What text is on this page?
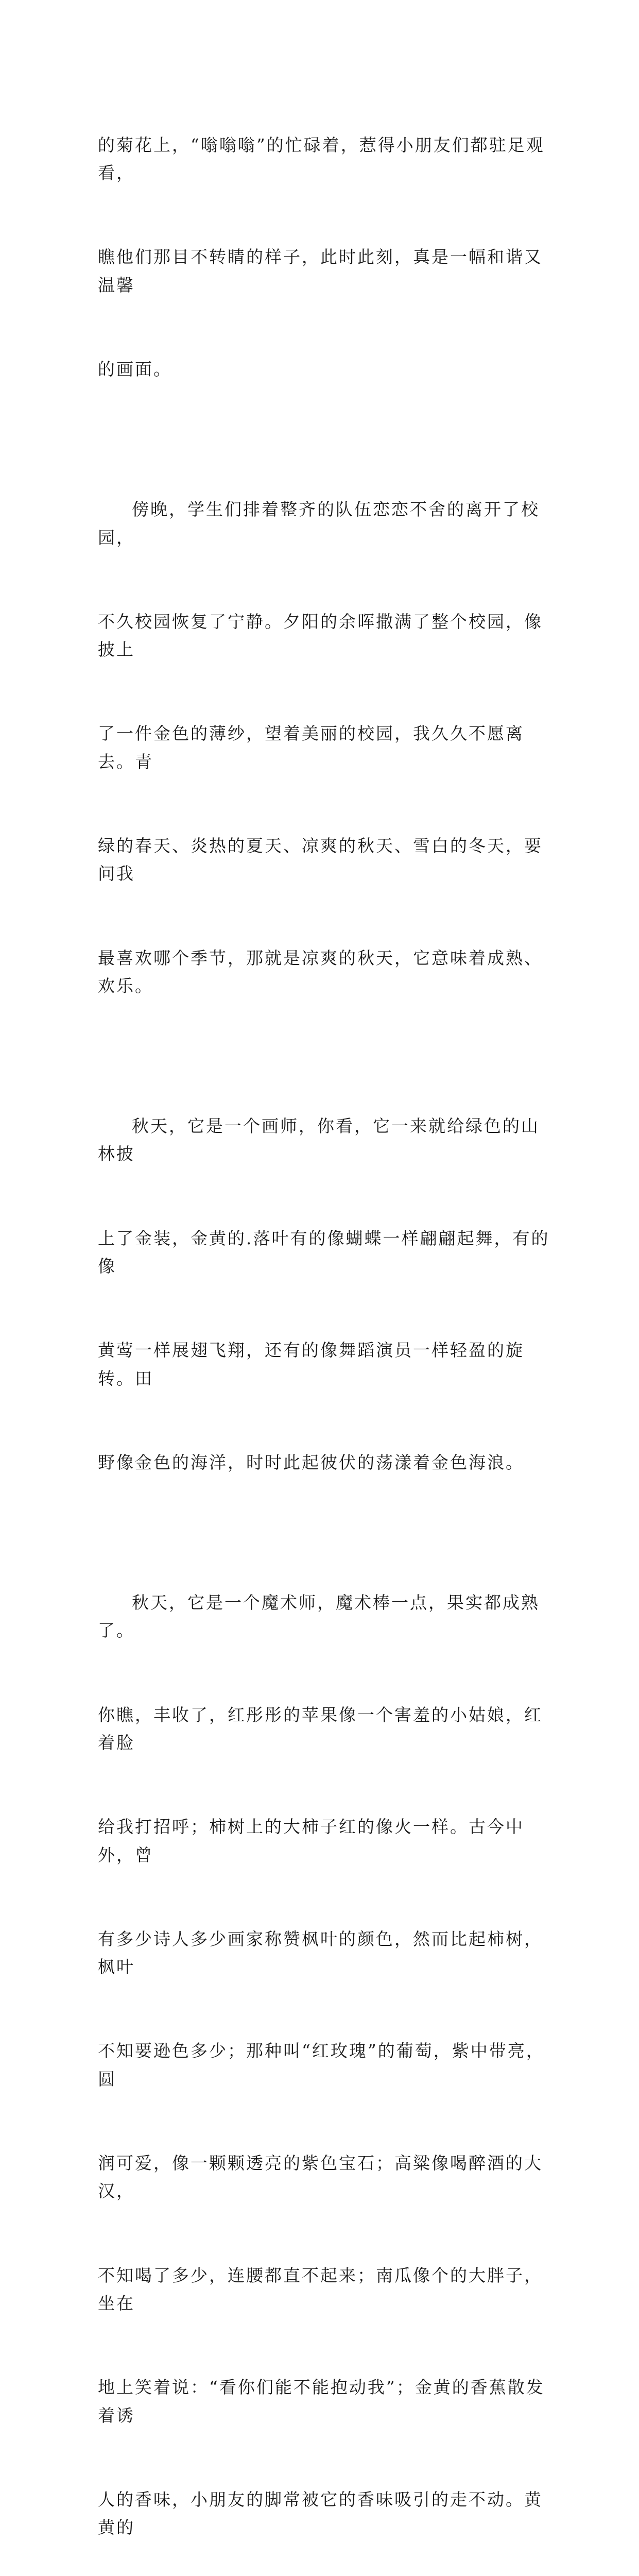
的菊花上，“嗡嗡嗡”的忙碌着，惹得小朋友们都驻足观看，

瞧他们那目不转睛的样子，此时此刻，真是一幅和谐又温馨

的画面。

傍晚，学生们排着整齐的队伍恋恋不舍的离开了校园，

不久校园恢复了宁静。夕阳的余晖撒满了整个校园，像披上

了一件金色的薄纱，望着美丽的校园，我久久不愿离去。青

绿的春天、炎热的夏天、凉爽的秋天、雪白的冬天，要问我

最喜欢哪个季节，那就是凉爽的秋天，它意味着成熟、欢乐。

秋天，它是一个画师，你看，它一来就给绿色的山林披

上了金装，金黄的.落叶有的像蝴蝶一样翩翩起舞，有的像

黄莺一样展翅飞翔，还有的像舞蹈演员一样轻盈的旋转。田

野像金色的海洋，时时此起彼伏的荡漾着金色海浪。

秋天，它是一个魔术师，魔术棒一点，果实都成熟了。

你瞧，丰收了，红彤彤的苹果像一个害羞的小姑娘，红着脸

给我打招呼；柿树上的大柿子红的像火一样。古今中外，曾

有多少诗人多少画家称赞枫叶的颜色，然而比起柿树，枫叶

不知要逊色多少；那种叫“红玫瑰”的葡萄，紫中带亮，圆

润可爱，像一颗颗透亮的紫色宝石；高粱像喝醉酒的大汉，

不知喝了多少，连腰都直不起来；南瓜像个的大胖子，坐在

地上笑着说：“看你们能不能抱动我”；金黄的香蕉散发着诱

人的香味，小朋友的脚常被它的香味吸引的走不动。黄黄的
